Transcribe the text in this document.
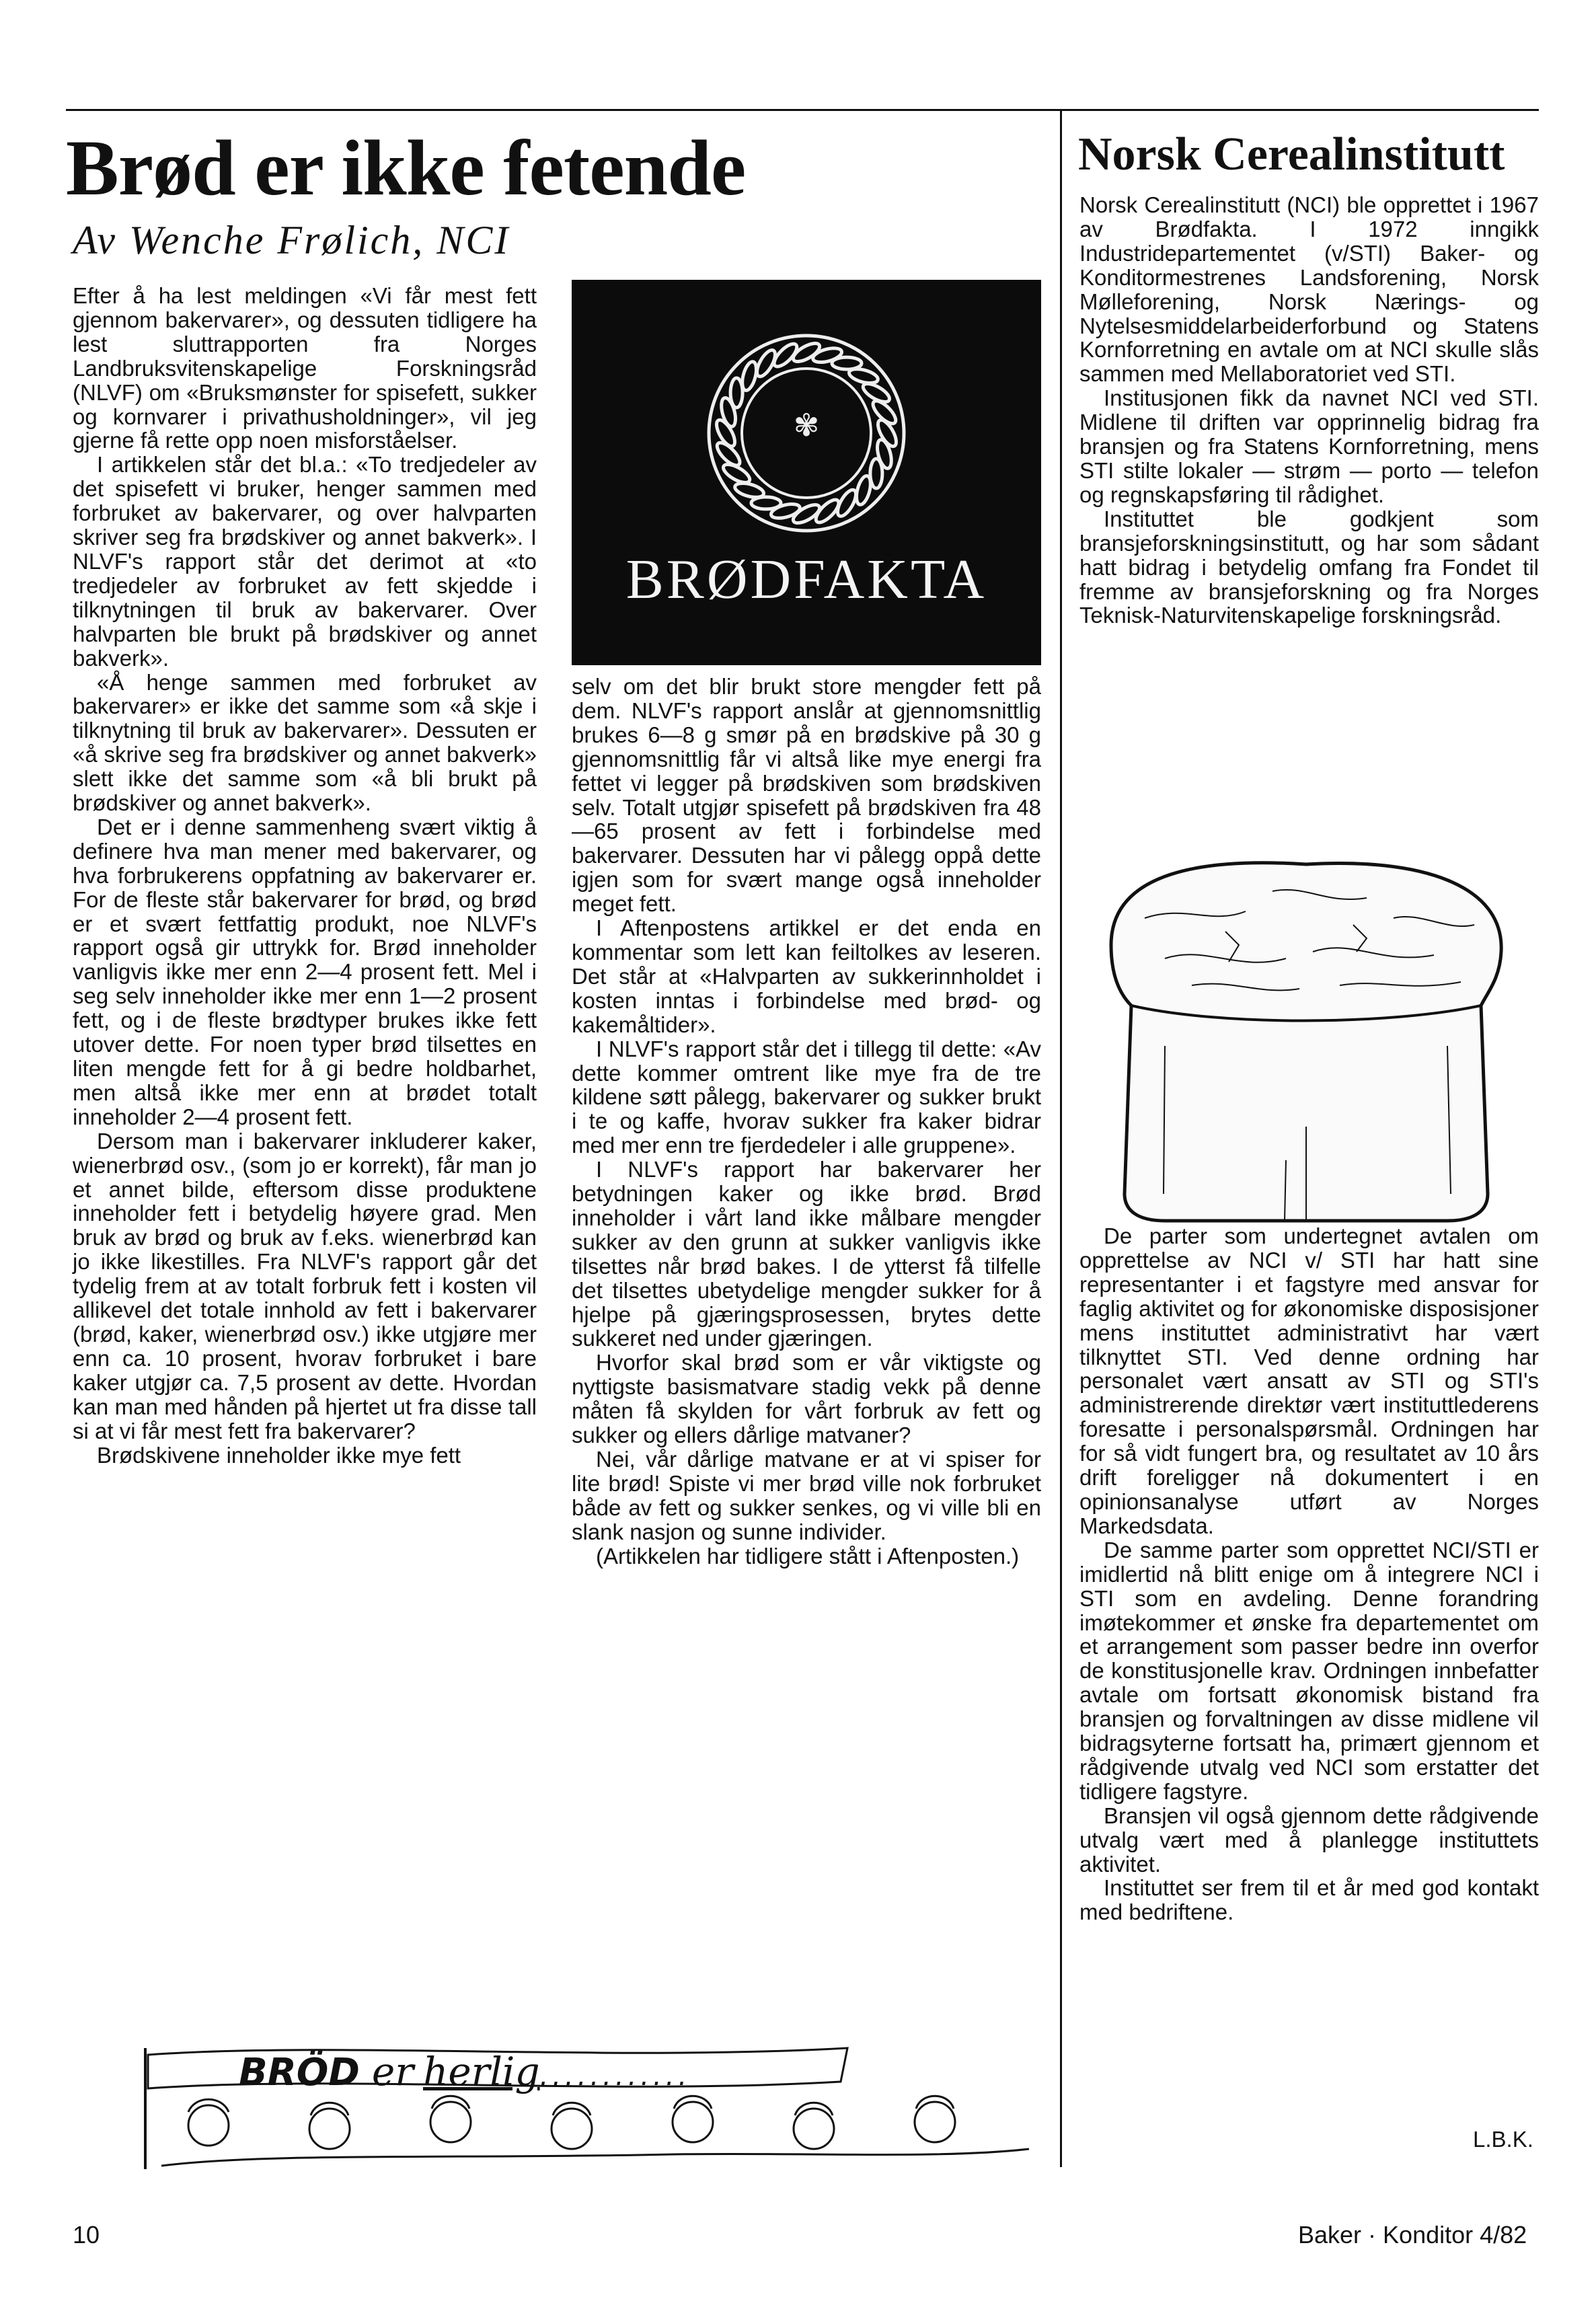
Brød er ikke fetende
Av Wenche Frølich, NCI

Efter å ha lest meldingen «Vi får mest fett gjennom bakervarer», og dessuten tidligere ha lest sluttrapporten fra Norges Landbruksvitenskapelige Forskningsråd (NLVF) om «Bruksmønster for spisefett, sukker og kornvarer i privathusholdninger», vil jeg gjerne få rette opp noen misforståelser.

I artikkelen står det bl.a.: «To tredjedeler av det spisefett vi bruker, henger sammen med forbruket av bakervarer, og over halvparten skriver seg fra brødskiver og annet bakverk». I NLVF's rapport står det derimot at «to tredjedeler av forbruket av fett skjedde i tilknytningen til bruk av bakervarer. Over halvparten ble brukt på brødskiver og annet bakverk».

«Å henge sammen med forbruket av bakervarer» er ikke det samme som «å skje i tilknytning til bruk av bakervarer». Dessuten er «å skrive seg fra brødskiver og annet bakverk» slett ikke det samme som «å bli brukt på brødskiver og annet bakverk».

Det er i denne sammenheng svært viktig å definere hva man mener med bakervarer, og hva forbrukerens oppfatning av bakervarer er. For de fleste står bakervarer for brød, og brød er et svært fettfattig produkt, noe NLVF's rapport også gir uttrykk for. Brød inneholder vanligvis ikke mer enn 2—4 prosent fett. Mel i seg selv inneholder ikke mer enn 1—2 prosent fett, og i de fleste brødtyper brukes ikke fett utover dette. For noen typer brød tilsettes en liten mengde fett for å gi bedre holdbarhet, men altså ikke mer enn at brødet totalt inneholder 2—4 prosent fett.

Dersom man i bakervarer inkluderer kaker, wienerbrød osv., (som jo er korrekt), får man jo et annet bilde, eftersom disse produktene inneholder fett i betydelig høyere grad. Men bruk av brød og bruk av f.eks. wienerbrød kan jo ikke likestilles. Fra NLVF's rapport går det tydelig frem at av totalt forbruk fett i kosten vil allikevel det totale innhold av fett i bakervarer (brød, kaker, wienerbrød osv.) ikke utgjøre mer enn ca. 10 prosent, hvorav forbruket i bare kaker utgjør ca. 7,5 prosent av dette. Hvordan kan man med hånden på hjertet ut fra disse tall si at vi får mest fett fra bakervarer?

Brødskivene inneholder ikke mye fett

✾
BRØDFAKTA

selv om det blir brukt store mengder fett på dem. NLVF's rapport anslår at gjennomsnittlig brukes 6—8 g smør på en brødskive på 30 g gjennomsnittlig får vi altså like mye energi fra fettet vi legger på brødskiven som brødskiven selv. Totalt utgjør spisefett på brødskiven fra 48—65 prosent av fett i forbindelse med bakervarer. Dessuten har vi pålegg oppå dette igjen som for svært mange også inneholder meget fett.

I Aftenpostens artikkel er det enda en kommentar som lett kan feiltolkes av leseren. Det står at «Halvparten av sukkerinnholdet i kosten inntas i forbindelse med brød- og kakemåltider».

I NLVF's rapport står det i tillegg til dette: «Av dette kommer omtrent like mye fra de tre kildene søtt pålegg, bakervarer og sukker brukt i te og kaffe, hvorav sukker fra kaker bidrar med mer enn tre fjerdedeler i alle gruppene».

I NLVF's rapport har bakervarer her betydningen kaker og ikke brød. Brød inneholder i vårt land ikke målbare mengder sukker av den grunn at sukker vanligvis ikke tilsettes når brød bakes. I de ytterst få tilfelle det tilsettes ubetydelige mengder sukker for å hjelpe på gjæringsprosessen, brytes dette sukkeret ned under gjæringen.

Hvorfor skal brød som er vår viktigste og nyttigste basismatvare stadig vekk på denne måten få skylden for vårt forbruk av fett og sukker og ellers dårlige matvaner?

Nei, vår dårlige matvane er at vi spiser for lite brød! Spiste vi mer brød ville nok forbruket både av fett og sukker senkes, og vi ville bli en slank nasjon og sunne individer.

(Artikkelen har tidligere stått i Aftenposten.)

Norsk Cerealinstitutt

Norsk Cerealinstitutt (NCI) ble opprettet i 1967 av Brødfakta. I 1972 inngikk Industridepartementet (v/STI) Baker- og Konditormestrenes Landsforening, Norsk Mølleforening, Norsk Nærings- og Nytelsesmiddelarbeiderforbund og Statens Kornforretning en avtale om at NCI skulle slås sammen med Mellaboratoriet ved STI.

Institusjonen fikk da navnet NCI ved STI. Midlene til driften var opprinnelig bidrag fra bransjen og fra Statens Kornforretning, mens STI stilte lokaler — strøm — porto — telefon og regnskapsføring til rådighet.

Instituttet ble godkjent som bransjeforskningsinstitutt, og har som sådant hatt bidrag i betydelig omfang fra Fondet til fremme av bransjeforskning og fra Norges Teknisk-Naturvitenskapelige forskningsråd.

De parter som undertegnet avtalen om opprettelse av NCI v/ STI har hatt sine representanter i et fagstyre med ansvar for faglig aktivitet og for økonomiske disposisjoner mens instituttet administrativt har vært tilknyttet STI. Ved denne ordning har personalet vært ansatt av STI og STI's administrerende direktør vært instituttlederens foresatte i personalspørsmål. Ordningen har for så vidt fungert bra, og resultatet av 10 års drift foreligger nå dokumentert i en opinionsanalyse utført av Norges Markedsdata.

De samme parter som opprettet NCI/STI er imidlertid nå blitt enige om å integrere NCI i STI som en avdeling. Denne forandring imøtekommer et ønske fra departementet om et arrangement som passer bedre inn overfor de konstitusjonelle krav. Ordningen innbefatter avtale om fortsatt økonomisk bistand fra bransjen og forvaltningen av disse midlene vil bidragsyterne fortsatt ha, primært gjennom et rådgivende utvalg ved NCI som erstatter det tidligere fagstyre.

Bransjen vil også gjennom dette rådgivende utvalg vært med å planlegge instituttets aktivitet.

Instituttet ser frem til et år med god kontakt med bedriftene.

L.B.K.
BRÖD er herlig............
10	Baker · Konditor 4/82
